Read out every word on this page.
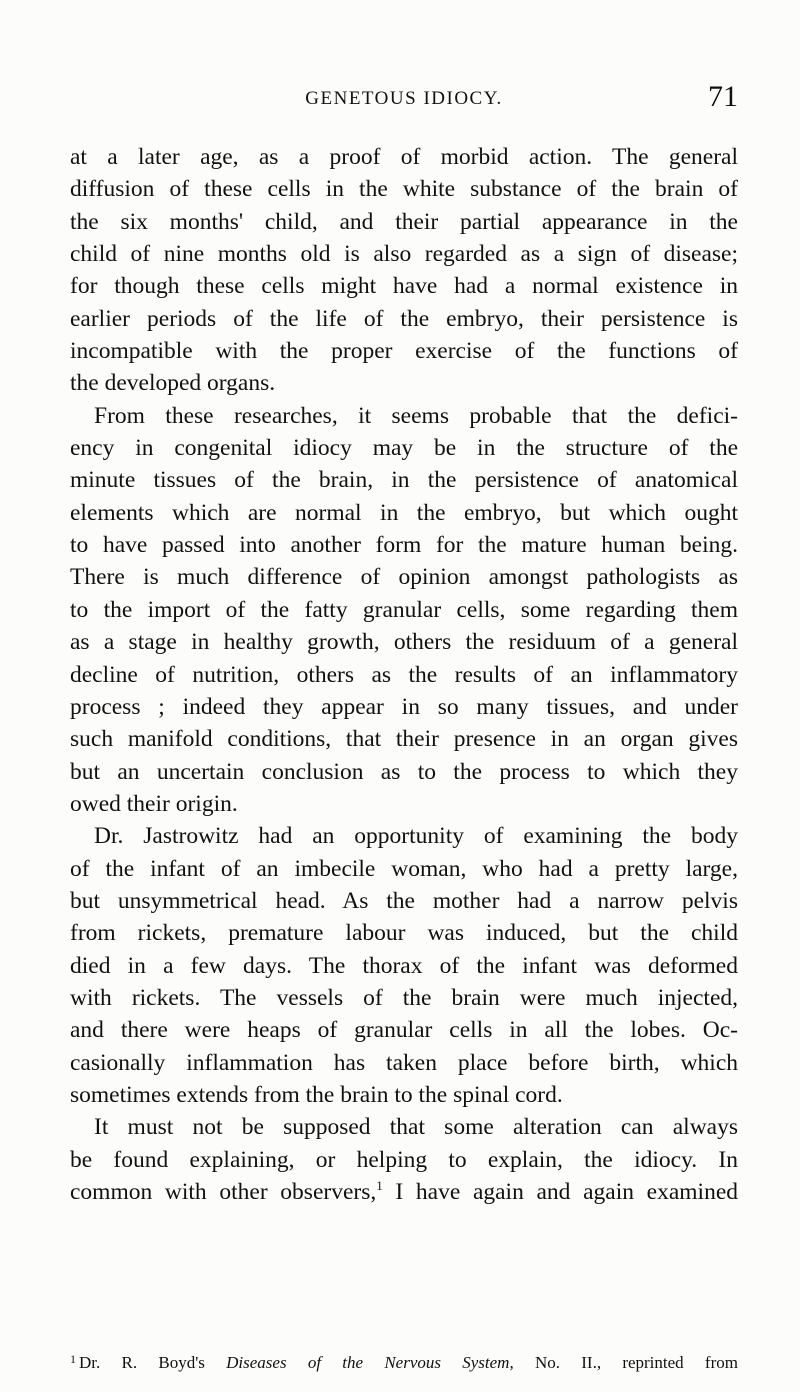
GENETOUS IDIOCY.	71
at a later age, as a proof of morbid action. The general
diffusion of these cells in the white substance of the brain of
the six months' child, and their partial appearance in the
child of nine months old is also regarded as a sign of disease;
for though these cells might have had a normal existence in
earlier periods of the life of the embryo, their persistence is
incompatible with the proper exercise of the functions of
the developed organs.
From these researches, it seems probable that the defici-
ency in congenital idiocy may be in the structure of the
minute tissues of the brain, in the persistence of anatomical
elements which are normal in the embryo, but which ought
to have passed into another form for the mature human being.
There is much difference of opinion amongst pathologists as
to the import of the fatty granular cells, some regarding them
as a stage in healthy growth, others the residuum of a general
decline of nutrition, others as the results of an inflammatory
process ; indeed they appear in so many tissues, and under
such manifold conditions, that their presence in an organ gives
but an uncertain conclusion as to the process to which they
owed their origin.
Dr. Jastrowitz had an opportunity of examining the body
of the infant of an imbecile woman, who had a pretty large,
but unsymmetrical head. As the mother had a narrow pelvis
from rickets, premature labour was induced, but the child
died in a few days. The thorax of the infant was deformed
with rickets. The vessels of the brain were much injected,
and there were heaps of granular cells in all the lobes. Oc-
casionally inflammation has taken place before birth, which
sometimes extends from the brain to the spinal cord.
It must not be supposed that some alteration can always
be found explaining, or helping to explain, the idiocy. In
common with other observers,$^1$ I have again and again examined
$^1$ Dr. R. Boyd's Diseases of the Nervous System, No. II., reprinted from
